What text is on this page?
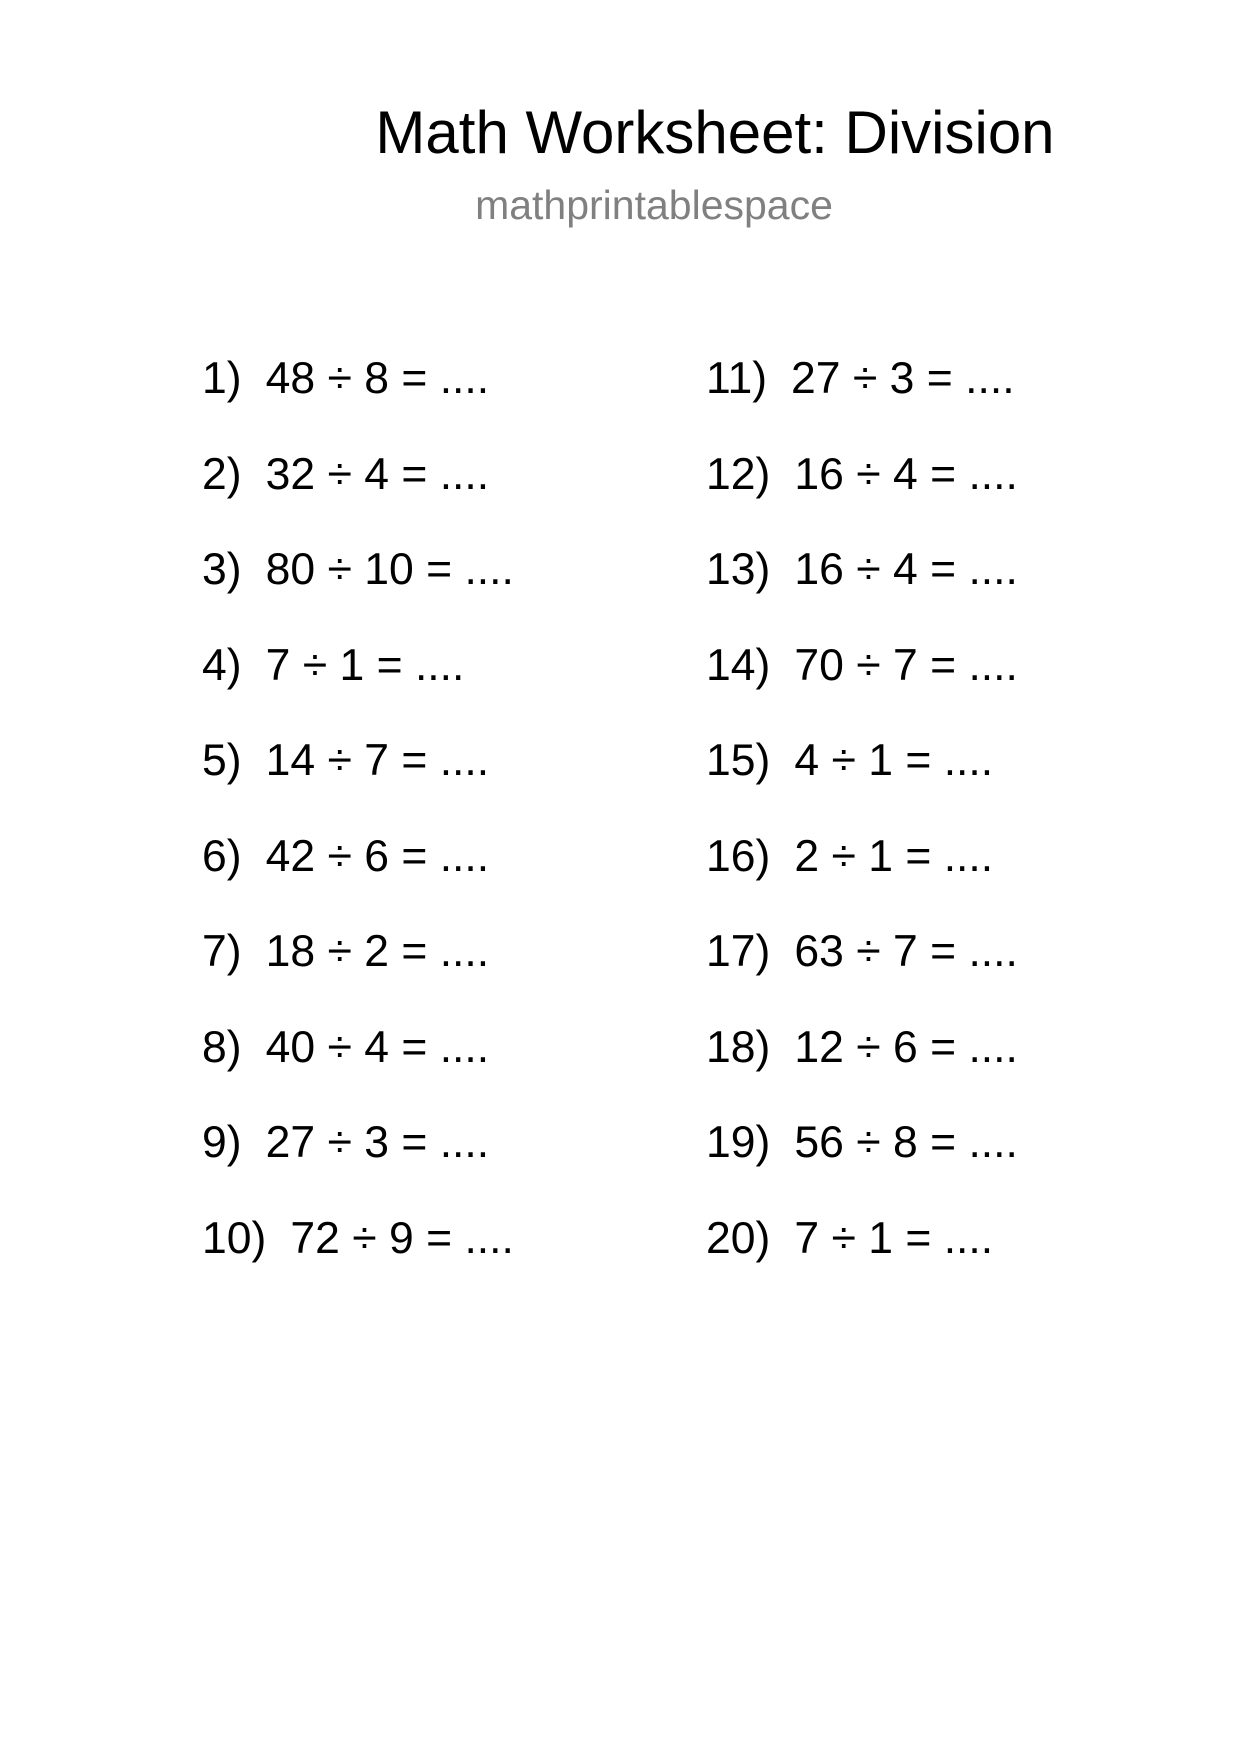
Math Worksheet: Division
mathprintablespace
1) 48 ÷ 8 = ....
2) 32 ÷ 4 = ....
3) 80 ÷ 10 = ....
4) 7 ÷ 1 = ....
5) 14 ÷ 7 = ....
6) 42 ÷ 6 = ....
7) 18 ÷ 2 = ....
8) 40 ÷ 4 = ....
9) 27 ÷ 3 = ....
10) 72 ÷ 9 = ....
11) 27 ÷ 3 = ....
12) 16 ÷ 4 = ....
13) 16 ÷ 4 = ....
14) 70 ÷ 7 = ....
15) 4 ÷ 1 = ....
16) 2 ÷ 1 = ....
17) 63 ÷ 7 = ....
18) 12 ÷ 6 = ....
19) 56 ÷ 8 = ....
20) 7 ÷ 1 = ....
